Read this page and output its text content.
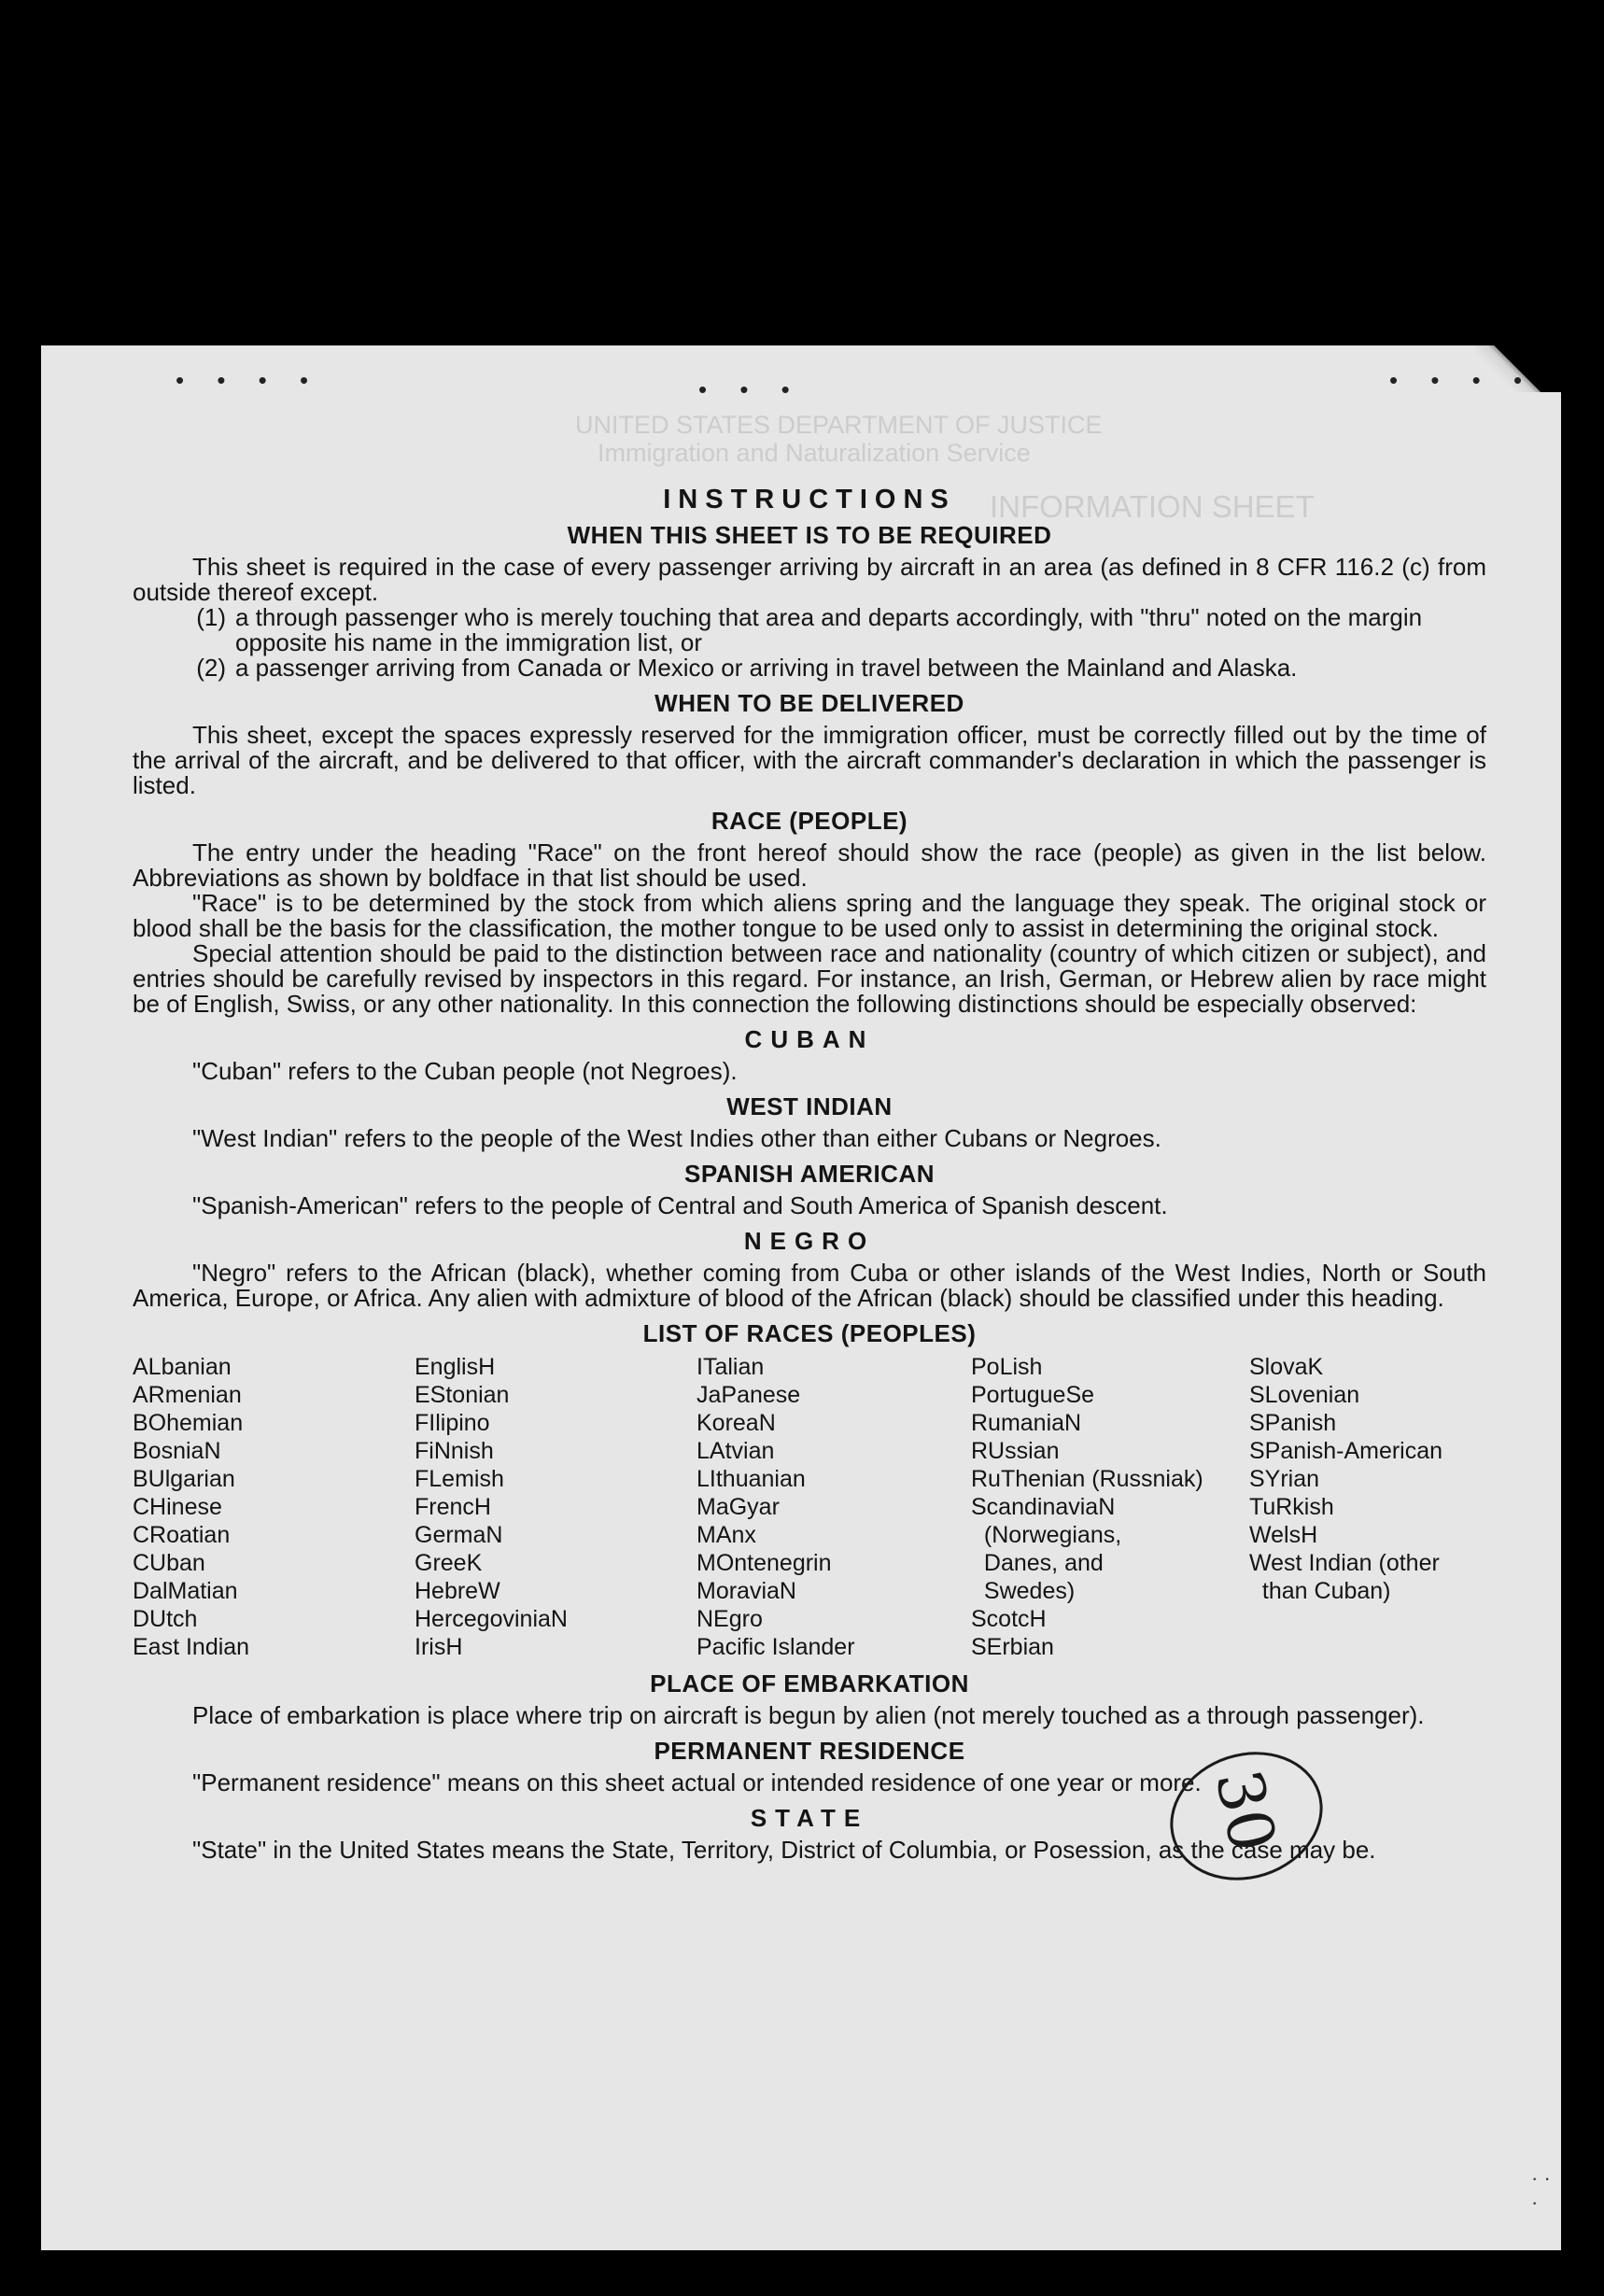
• • • •	• • •	• • • •
UNITED STATES DEPARTMENT OF JUSTICE
Immigration and Naturalization Service
INFORMATION SHEET
INSTRUCTIONS
WHEN THIS SHEET IS TO BE REQUIRED

This sheet is required in the case of every passenger arriving by aircraft in an area (as defined in 8 CFR 116.2 (c) from outside thereof except.

(1) a through passenger who is merely touching that area and departs accordingly, with "thru" noted on the margin opposite his name in the immigration list, or
(2) a passenger arriving from Canada or Mexico or arriving in travel between the Mainland and Alaska.
WHEN TO BE DELIVERED

This sheet, except the spaces expressly reserved for the immigration officer, must be correctly filled out by the time of the arrival of the aircraft, and be delivered to that officer, with the aircraft commander's declaration in which the passenger is listed.

RACE (PEOPLE)

The entry under the heading "Race" on the front hereof should show the race (people) as given in the list below. Abbreviations as shown by boldface in that list should be used.

"Race" is to be determined by the stock from which aliens spring and the language they speak. The original stock or blood shall be the basis for the classification, the mother tongue to be used only to assist in determining the original stock.

Special attention should be paid to the distinction between race and nationality (country of which citizen or subject), and entries should be carefully revised by inspectors in this regard. For instance, an Irish, German, or Hebrew alien by race might be of English, Swiss, or any other nationality. In this connection the following distinctions should be especially observed:

CUBAN

"Cuban" refers to the Cuban people (not Negroes).

WEST INDIAN

"West Indian" refers to the people of the West Indies other than either Cubans or Negroes.

SPANISH AMERICAN

"Spanish-American" refers to the people of Central and South America of Spanish descent.

NEGRO

"Negro" refers to the African (black), whether coming from Cuba or other islands of the West Indies, North or South America, Europe, or Africa. Any alien with admixture of blood of the African (black) should be classified under this heading.

LIST OF RACES (PEOPLES)
ALbanian
ARmenian
BOhemian
BosniaN
BUlgarian
CHinese
CRoatian
CUban
DalMatian
DUtch
East Indian
EnglisH
EStonian
FIlipino
FiNnish
FLemish
FrencH
GermaN
GreeK
HebreW
HercegoviniaN
IrisH
ITalian
JaPanese
KoreaN
LAtvian
LIthuanian
MaGyar
MAnx
MOntenegrin
MoraviaN
NEgro
Pacific Islander
PoLish
PortugueSe
RumaniaN
RUssian
RuThenian (Russniak)
ScandinaviaN
(Norwegians,
Danes, and
Swedes)
ScotcH
SErbian
SlovaK
SLovenian
SPanish
SPanish-American
SYrian
TuRkish
WelsH
West Indian (other
than Cuban)
PLACE OF EMBARKATION

Place of embarkation is place where trip on aircraft is begun by alien (not merely touched as a through passenger).

PERMANENT RESIDENCE

"Permanent residence" means on this sheet actual or intended residence of one year or more.

STATE

"State" in the United States means the State, Territory, District of Columbia, or Posession, as the case may be.

30
· ·
·
